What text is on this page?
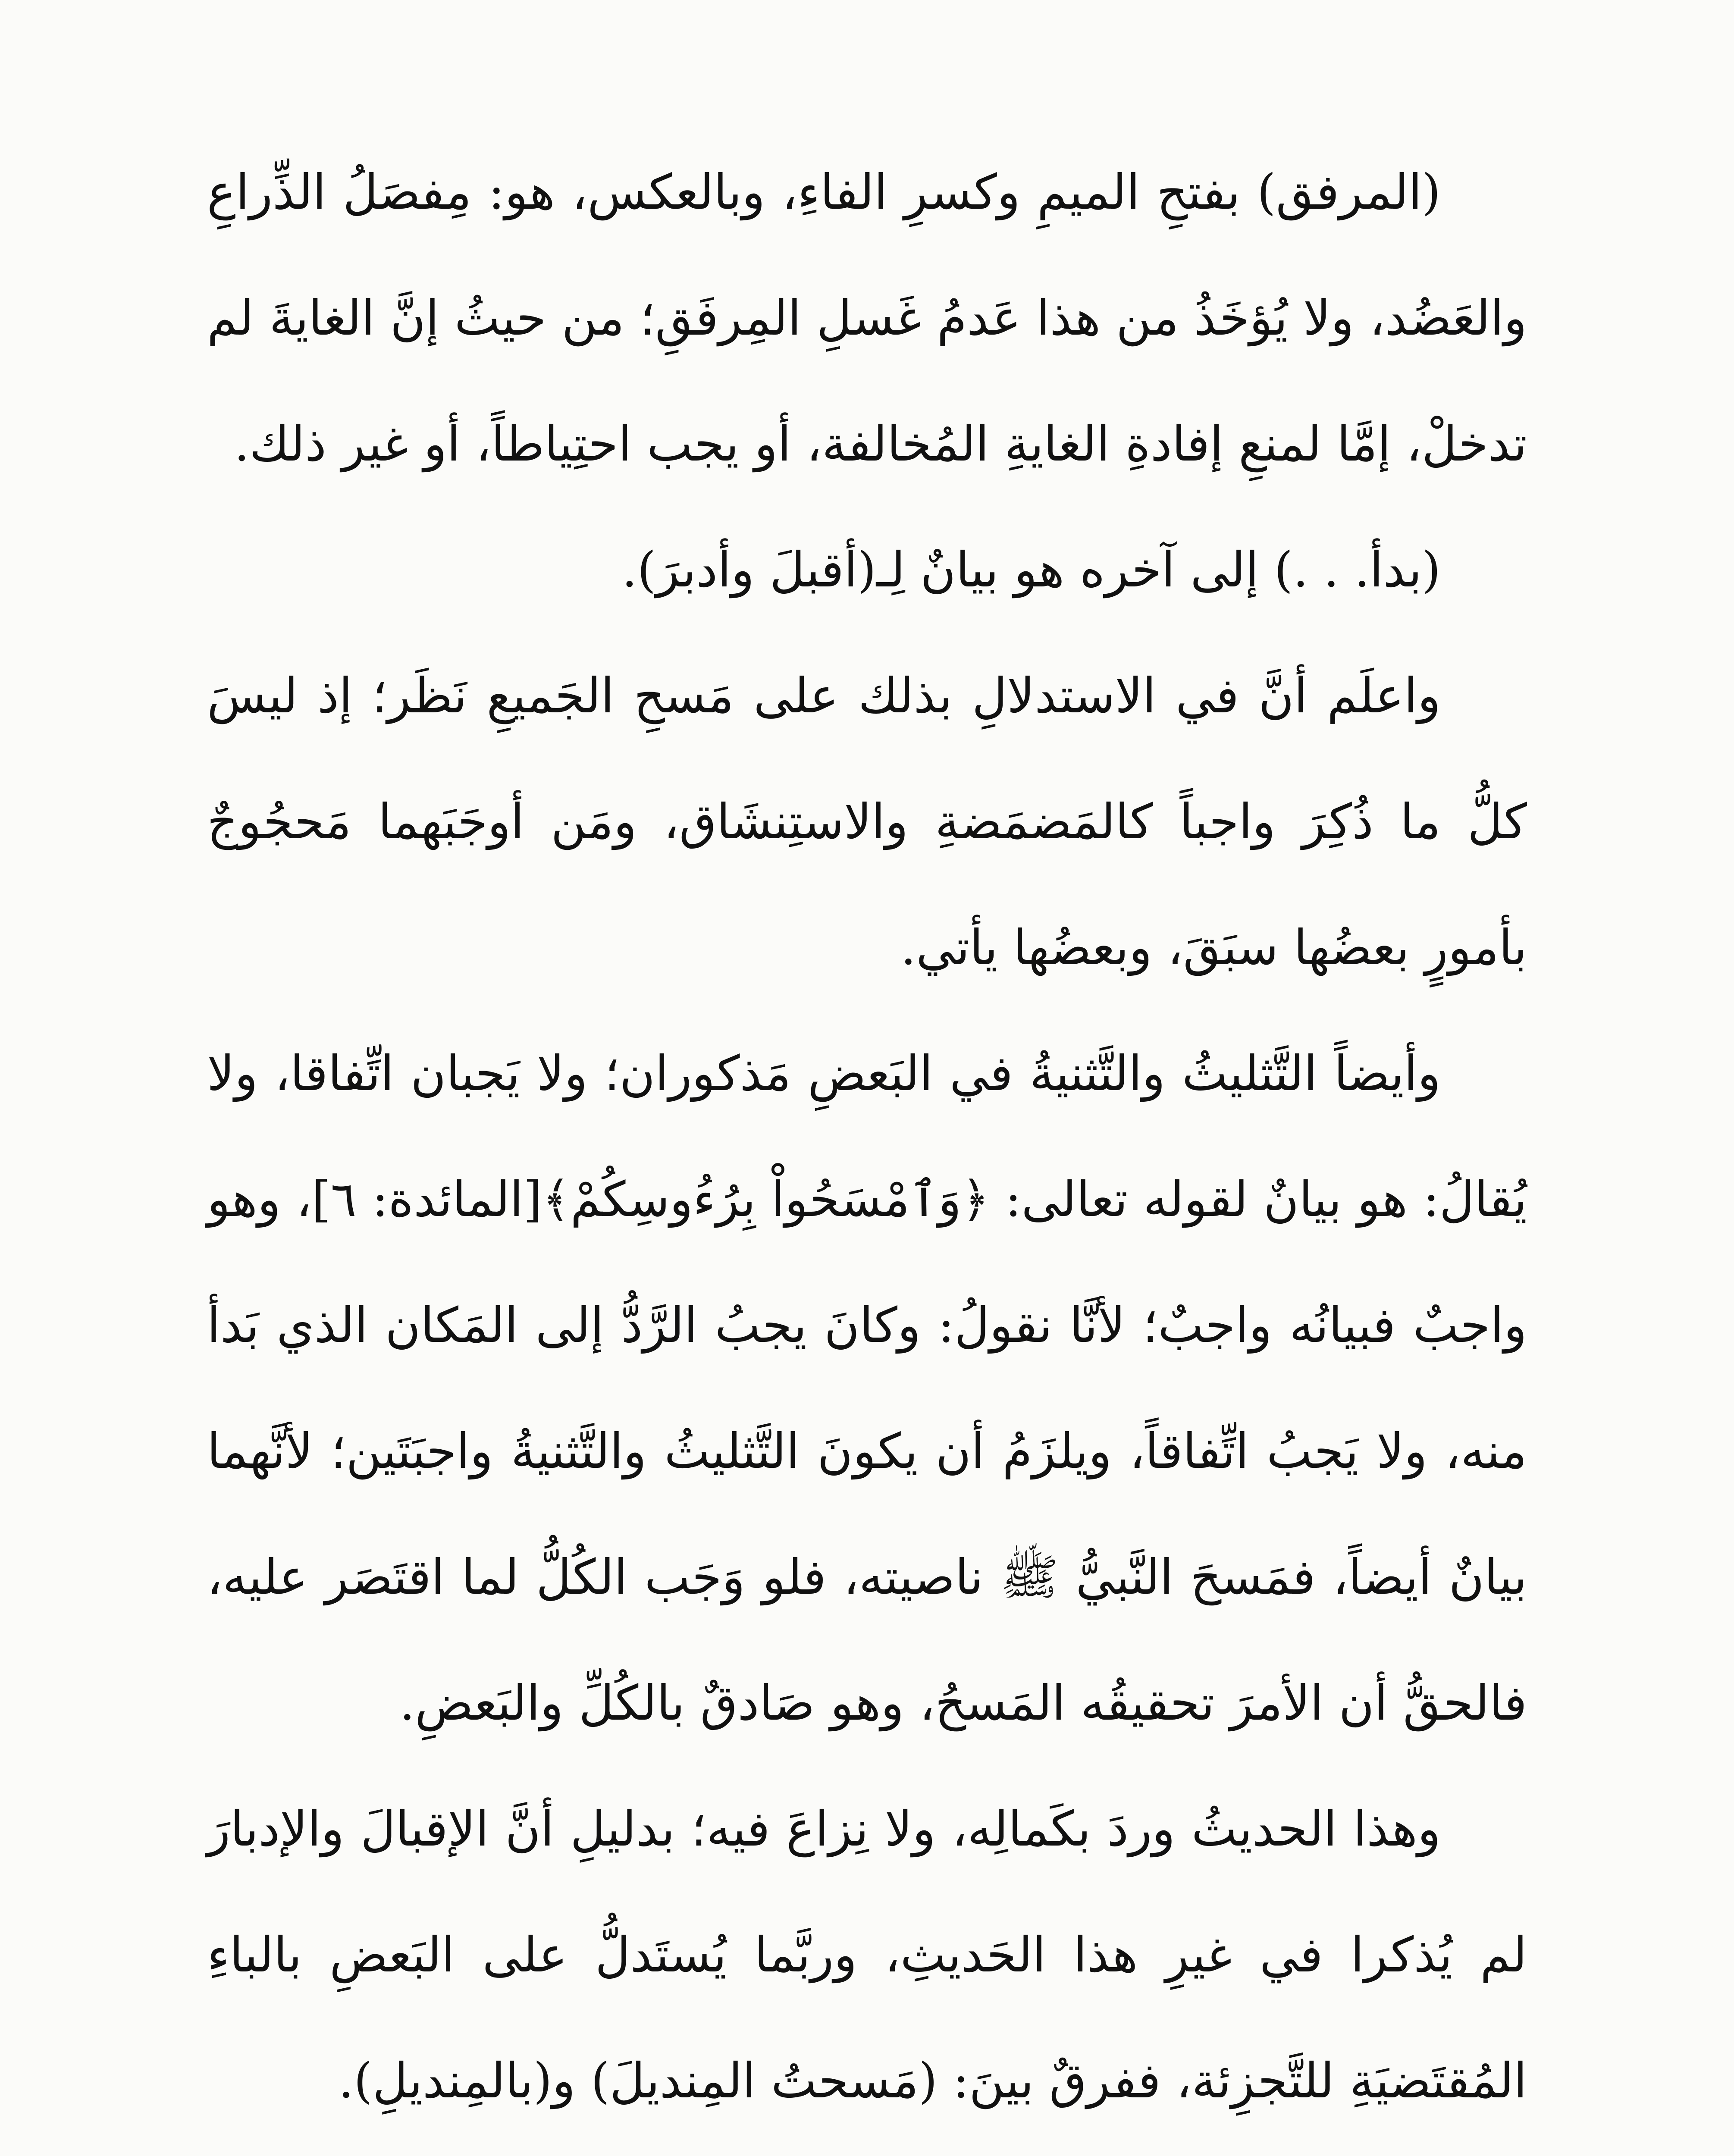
(المرفق) بفتحِ الميمِ وكسرِ الفاءِ، وبالعكس، هو: مِفصَلُ الذِّراعِ والعَضُد، ولا يُؤخَذُ من هذا عَدمُ غَسلِ المِرفَقِ؛ من حيثُ إنَّ الغايةَ لم تدخلْ، إمَّا لمنعِ إفادةِ الغايةِ المُخالفة، أو يجب احتِياطاً، أو غير ذلك.

(بدأ. . .) إلى آخره هو بيانٌ لِـ(أقبلَ وأدبرَ).

واعلَم أنَّ في الاستدلالِ بذلك على مَسحِ الجَميعِ نَظَر؛ إذ ليسَ كلُّ ما ذُكِرَ واجباً كالمَضمَضةِ والاستِنشَاق، ومَن أوجَبَهما مَحجُوجٌ بأمورٍ بعضُها سبَقَ، وبعضُها يأتي.

وأيضاً التَّثليثُ والتَّثنيةُ في البَعضِ مَذكوران؛ ولا يَجبان اتِّفاقا، ولا يُقالُ: هو بيانٌ لقوله تعالى: ﴿وَٱمْسَحُواْ بِرُءُوسِكُمْ﴾[المائدة: ٦]، وهو واجبٌ فبيانُه واجبٌ؛ لأنَّا نقولُ: وكانَ يجبُ الرَّدُّ إلى المَكان الذي بَدأ منه، ولا يَجبُ اتِّفاقاً، ويلزَمُ أن يكونَ التَّثليثُ والتَّثنيةُ واجبَتَين؛ لأنَّهما بيانٌ أيضاً، فمَسحَ النَّبيُّ ﷺ ناصيته، فلو وَجَب الكُلُّ لما اقتَصَر عليه، فالحقُّ أن الأمرَ تحقيقُه المَسحُ، وهو صَادقٌ بالكُلِّ والبَعضِ.

وهذا الحديثُ وردَ بكَمالِه، ولا نِزاعَ فيه؛ بدليلِ أنَّ الإقبالَ والإدبارَ لم يُذكرا في غيرِ هذا الحَديثِ، وربَّما يُستَدلُّ على البَعضِ بالباءِ المُقتَضيَةِ للتَّجزِئة، ففرقٌ بينَ: (مَسحتُ المِنديلَ) و(بالمِنديلِ).
